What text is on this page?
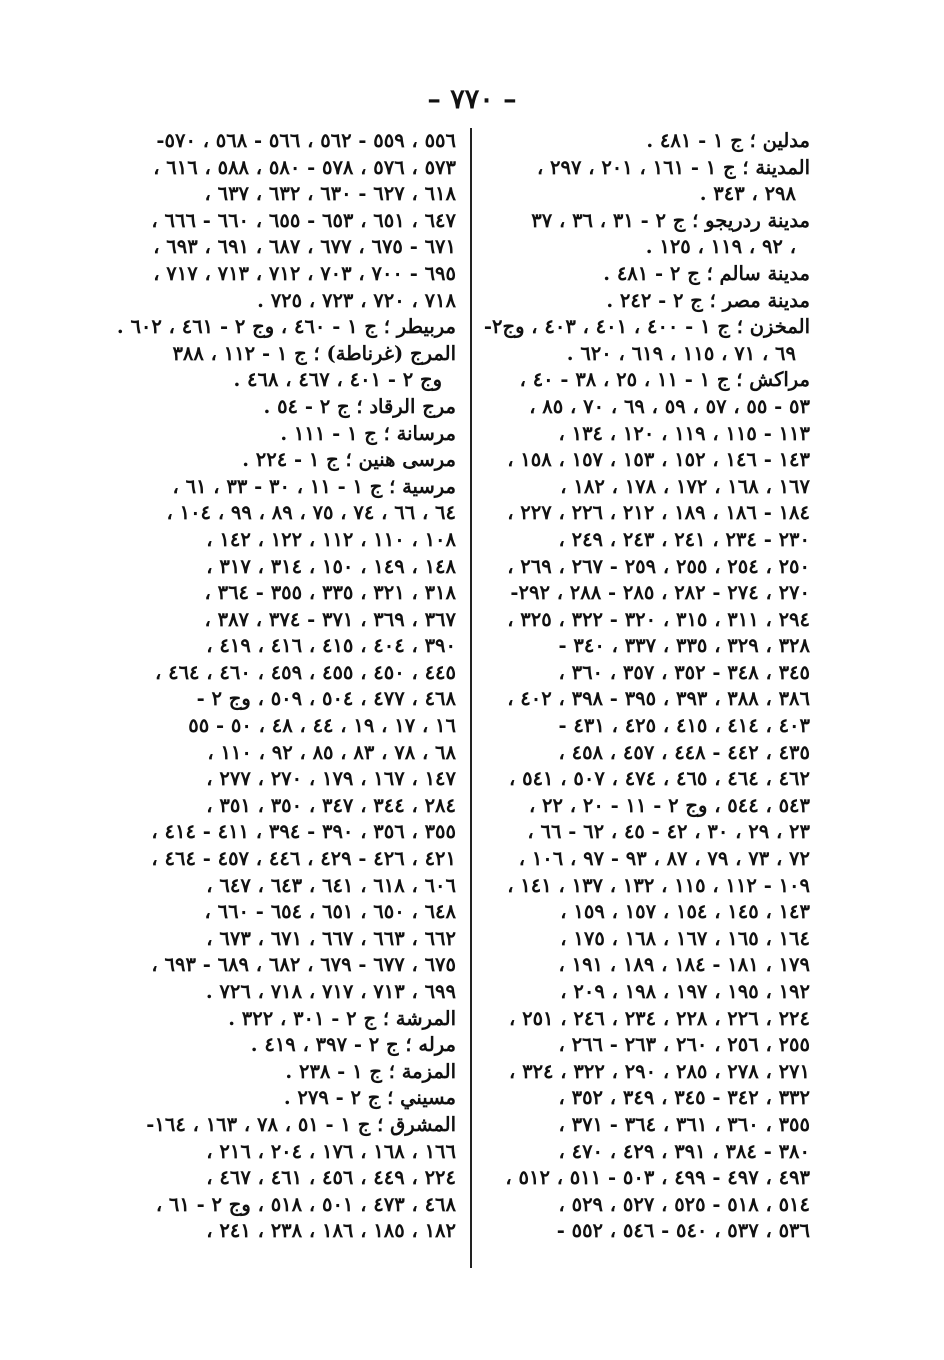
– ٧٧٠ –
مدلين ؛ ج ١ - ٤٨١ .
المدينة ؛ ج ١ - ١٦١ ، ٢٠١ ، ٢٩٧ ،
٢٩٨ ، ٣٤٣ .
مدينة ردريجو ؛ ج ٢ - ٣١ ، ٣٦ ، ٣٧
، ٩٢ ، ١١٩ ، ١٢٥ .
مدينة سالم ؛ ج ٢ - ٤٨١ .
مدينة مصر ؛ ج ٢ - ٢٤٢ .
المخزن ؛ ج ١ - ٤٠٠ ، ٤٠١ ، ٤٠٣ ، وج٢-
٦٩ ، ٧١ ، ١١٥ ، ٦١٩ ، ٦٢٠ .
مراكش ؛ ج ١ - ١١ ، ٢٥ ، ٣٨ - ٤٠ ،
٥٣ - ٥٥ ، ٥٧ ، ٥٩ ، ٦٩ ، ٧٠ ، ٨٥ ،
١١٣ - ١١٥ ، ١١٩ ، ١٢٠ ، ١٣٤ ،
١٤٣ - ١٤٦ ، ١٥٢ ، ١٥٣ ، ١٥٧ ، ١٥٨ ،
١٦٧ ، ١٦٨ ، ١٧٢ ، ١٧٨ ، ١٨٢ ،
١٨٤ - ١٨٦ ، ١٨٩ ، ٢١٢ ، ٢٢٦ ، ٢٢٧ ،
٢٣٠ - ٢٣٤ ، ٢٤١ ، ٢٤٣ ، ٢٤٩ ،
٢٥٠ ، ٢٥٤ ، ٢٥٥ ، ٢٥٩ - ٢٦٧ ، ٢٦٩ ،
٢٧٠ ، ٢٧٤ - ٢٨٢ ، ٢٨٥ - ٢٨٨ ، ٢٩٢-
٢٩٤ ، ٣١١ ، ٣١٥ ، ٣٢٠ - ٣٢٢ ، ٣٢٥ ،
٣٢٨ ، ٣٢٩ ، ٣٣٥ ، ٣٣٧ ، ٣٤٠ -
٣٤٥ ، ٣٤٨ - ٣٥٢ ، ٣٥٧ ، ٣٦٠ ،
٣٨٦ ، ٣٨٨ ، ٣٩٣ ، ٣٩٥ - ٣٩٨ ، ٤٠٢ ،
٤٠٣ ، ٤١٤ ، ٤١٥ ، ٤٢٥ ، ٤٣١ -
٤٣٥ ، ٤٤٢ - ٤٤٨ ، ٤٥٧ ، ٤٥٨ ،
٤٦٢ ، ٤٦٤ ، ٤٦٥ ، ٤٧٤ ، ٥٠٧ ، ٥٤١ ،
٥٤٣ ، ٥٤٤ ، وج ٢ - ١١ - ٢٠ ، ٢٢ ،
٢٣ ، ٢٩ ، ٣٠ ، ٤٢ - ٤٥ ، ٦٢ - ٦٦ ،
٧٢ ، ٧٣ ، ٧٩ ، ٨٧ ، ٩٣ - ٩٧ ، ١٠٦ ،
١٠٩ - ١١٢ ، ١١٥ ، ١٣٢ ، ١٣٧ ، ١٤١ ،
١٤٣ ، ١٤٥ ، ١٥٤ ، ١٥٧ ، ١٥٩ ،
١٦٤ ، ١٦٥ ، ١٦٧ ، ١٦٨ ، ١٧٥ ،
١٧٩ ، ١٨١ - ١٨٤ ، ١٨٩ ، ١٩١ ،
١٩٢ ، ١٩٥ ، ١٩٧ ، ١٩٨ ، ٢٠٩ ،
٢٢٤ ، ٢٢٦ ، ٢٢٨ ، ٢٣٤ ، ٢٤٦ ، ٢٥١ ،
٢٥٥ ، ٢٥٦ ، ٢٦٠ ، ٢٦٣ - ٢٦٦ ،
٢٧١ ، ٢٧٨ ، ٢٨٥ ، ٢٩٠ ، ٣٢٢ ، ٣٢٤ ،
٣٣٢ ، ٣٤٢ - ٣٤٥ ، ٣٤٩ ، ٣٥٢ ،
٣٥٥ ، ٣٦٠ ، ٣٦١ ، ٣٦٤ - ٣٧١ ،
٣٨٠ - ٣٨٤ ، ٣٩١ ، ٤٢٩ ، ٤٧٠ ،
٤٩٣ ، ٤٩٧ - ٤٩٩ ، ٥٠٣ - ٥١١ ، ٥١٢ ،
٥١٤ ، ٥١٨ - ٥٢٥ ، ٥٢٧ ، ٥٢٩ ،
٥٣٦ ، ٥٣٧ ، ٥٤٠ - ٥٤٦ ، ٥٥٢ -
٥٥٦ ، ٥٥٩ - ٥٦٢ ، ٥٦٦ - ٥٦٨ ، ٥٧٠-
٥٧٣ ، ٥٧٦ ، ٥٧٨ - ٥٨٠ ، ٥٨٨ ، ٦١٦ ،
٦١٨ ، ٦٢٧ - ٦٣٠ ، ٦٣٢ ، ٦٣٧ ،
٦٤٧ ، ٦٥١ ، ٦٥٣ - ٦٥٥ ، ٦٦٠ - ٦٦٦ ،
٦٧١ - ٦٧٥ ، ٦٧٧ ، ٦٨٧ ، ٦٩١ ، ٦٩٣ ،
٦٩٥ - ٧٠٠ ، ٧٠٣ ، ٧١٢ ، ٧١٣ ، ٧١٧ ،
٧١٨ ، ٧٢٠ ، ٧٢٣ ، ٧٢٥ .
مربيطر ؛ ج ١ - ٤٦٠ ، وج ٢ - ٤٦١ ، ٦٠٢ .
المرج (غرناطة) ؛ ج ١ - ١١٢ ، ٣٨٨
وج ٢ - ٤٠١ ، ٤٦٧ ، ٤٦٨ .
مرج الرقاد ؛ ج ٢ - ٥٤ .
مرسانة ؛ ج ١ - ١١١ .
مرسى هنين ؛ ج ١ - ٢٢٤ .
مرسية ؛ ج ١ - ١١ ، ٣٠ - ٣٣ ، ٦١ ،
٦٤ ، ٦٦ ، ٧٤ ، ٧٥ ، ٨٩ ، ٩٩ ، ١٠٤ ،
١٠٨ ، ١١٠ ، ١١٢ ، ١٢٢ ، ١٤٢ ،
١٤٨ ، ١٤٩ ، ١٥٠ ، ٣١٤ ، ٣١٧ ،
٣١٨ ، ٣٢١ ، ٣٣٥ ، ٣٥٥ - ٣٦٤ ،
٣٦٧ ، ٣٦٩ ، ٣٧١ - ٣٧٤ ، ٣٨٧ ،
٣٩٠ ، ٤٠٤ ، ٤١٥ ، ٤١٦ ، ٤١٩ ،
٤٤٥ ، ٤٥٠ ، ٤٥٥ ، ٤٥٩ ، ٤٦٠ ، ٤٦٤ ،
٤٦٨ ، ٤٧٧ ، ٥٠٤ ، ٥٠٩ ، وج ٢ -
١٦ ، ١٧ ، ١٩ ، ٤٤ ، ٤٨ ، ٥٠ - ٥٥
٦٨ ، ٧٨ ، ٨٣ ، ٨٥ ، ٩٢ ، ١١٠ ،
١٤٧ ، ١٦٧ ، ١٧٩ ، ٢٧٠ ، ٢٧٧ ،
٢٨٤ ، ٣٤٤ ، ٣٤٧ ، ٣٥٠ ، ٣٥١ ،
٣٥٥ ، ٣٥٦ ، ٣٩٠ - ٣٩٤ ، ٤١١ - ٤١٤ ،
٤٢١ ، ٤٢٦ - ٤٢٩ ، ٤٤٦ ، ٤٥٧ - ٤٦٤ ،
٦٠٦ ، ٦١٨ ، ٦٤١ ، ٦٤٣ ، ٦٤٧ ،
٦٤٨ ، ٦٥٠ ، ٦٥١ ، ٦٥٤ - ٦٦٠ ،
٦٦٢ ، ٦٦٣ ، ٦٦٧ ، ٦٧١ ، ٦٧٣ ،
٦٧٥ ، ٦٧٧ - ٦٧٩ ، ٦٨٢ ، ٦٨٩ - ٦٩٣ ،
٦٩٩ ، ٧١٣ ، ٧١٧ ، ٧١٨ ، ٧٢٦ .
المرشة ؛ ج ٢ - ٣٠١ ، ٣٢٢ .
مرله ؛ ج ٢ - ٣٩٧ ، ٤١٩ .
المزمة ؛ ج ١ - ٢٣٨ .
مسيني ؛ ج ٢ - ٢٧٩ .
المشرق ؛ ج ١ - ٥١ ، ٧٨ ، ١٦٣ ، ١٦٤-
١٦٦ ، ١٦٨ ، ١٧٦ ، ٢٠٤ ، ٢١٦ ،
٢٢٤ ، ٤٤٩ ، ٤٥٦ ، ٤٦١ ، ٤٦٧ ،
٤٦٨ ، ٤٧٣ ، ٥٠١ ، ٥١٨ ، وج ٢ - ٦١ ،
١٨٢ ، ١٨٥ ، ١٨٦ ، ٢٣٨ ، ٢٤١ ،
